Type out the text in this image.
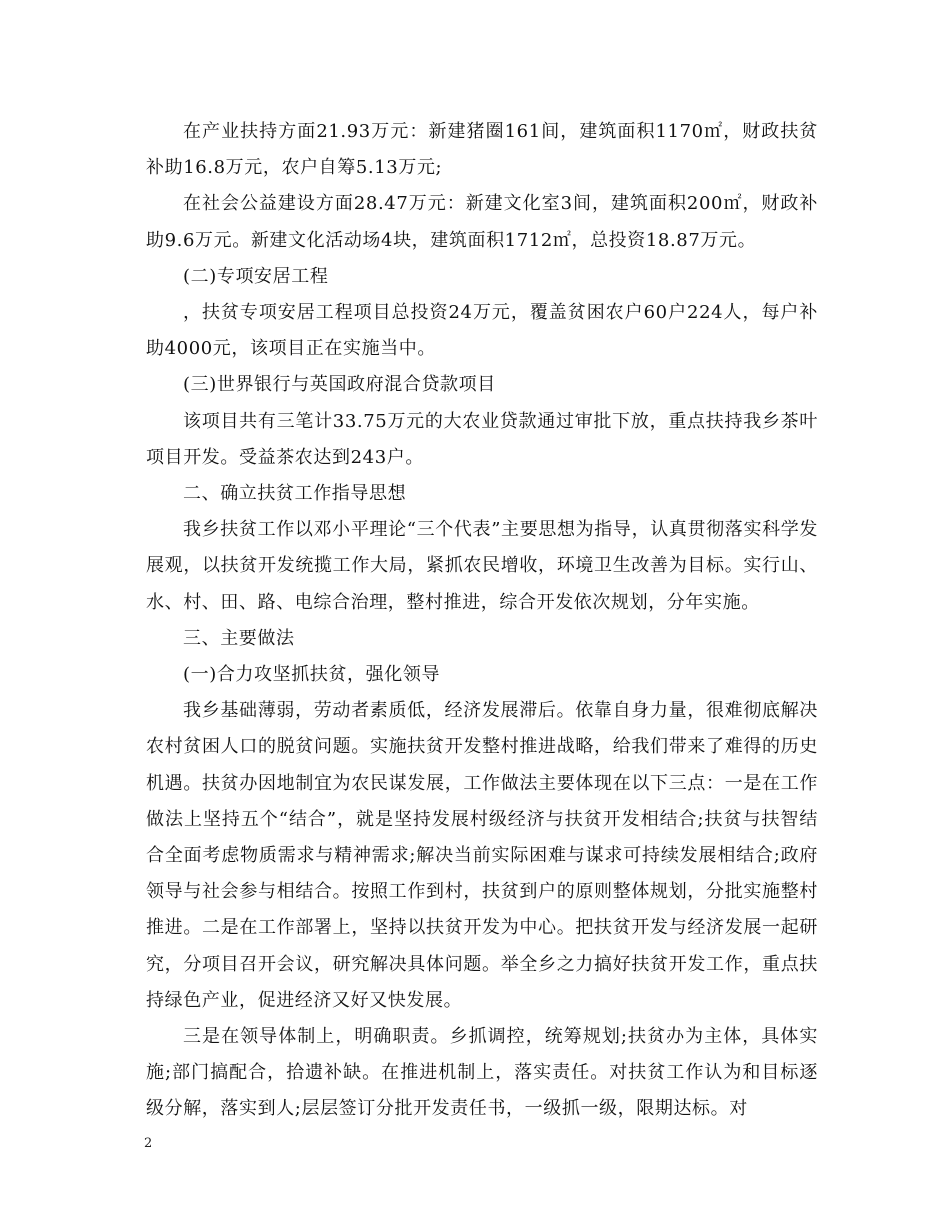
在产业扶持方面21.93万元：新建猪圈161间，建筑面积1170㎡，财政扶贫补助16.8万元，农户自筹5.13万元;

在社会公益建设方面28.47万元：新建文化室3间，建筑面积200㎡，财政补助9.6万元。新建文化活动场4块，建筑面积1712㎡，总投资18.87万元。

(二)专项安居工程

，扶贫专项安居工程项目总投资24万元，覆盖贫困农户60户224人，每户补助4000元，该项目正在实施当中。

(三)世界银行与英国政府混合贷款项目

该项目共有三笔计33.75万元的大农业贷款通过审批下放，重点扶持我乡茶叶项目开发。受益茶农达到243户。

二、确立扶贫工作指导思想

我乡扶贫工作以邓小平理论“三个代表”主要思想为指导，认真贯彻落实科学发展观，以扶贫开发统揽工作大局，紧抓农民增收，环境卫生改善为目标。实行山、水、村、田、路、电综合治理，整村推进，综合开发依次规划，分年实施。

三、主要做法

(一)合力攻坚抓扶贫，强化领导

我乡基础薄弱，劳动者素质低，经济发展滞后。依靠自身力量，很难彻底解决农村贫困人口的脱贫问题。实施扶贫开发整村推进战略，给我们带来了难得的历史机遇。扶贫办因地制宜为农民谋发展，工作做法主要体现在以下三点：一是在工作做法上坚持五个“结合”，就是坚持发展村级经济与扶贫开发相结合;扶贫与扶智结合全面考虑物质需求与精神需求;解决当前实际困难与谋求可持续发展相结合;政府领导与社会参与相结合。按照工作到村，扶贫到户的原则整体规划，分批实施整村推进。二是在工作部署上，坚持以扶贫开发为中心。把扶贫开发与经济发展一起研究，分项目召开会议，研究解决具体问题。举全乡之力搞好扶贫开发工作，重点扶持绿色产业，促进经济又好又快发展。

三是在领导体制上，明确职责。乡抓调控，统筹规划;扶贫办为主体，具体实施;部门搞配合，拾遗补缺。在推进机制上，落实责任。对扶贫工作认为和目标逐级分解，落实到人;层层签订分批开发责任书，一级抓一级，限期达标。对

2
